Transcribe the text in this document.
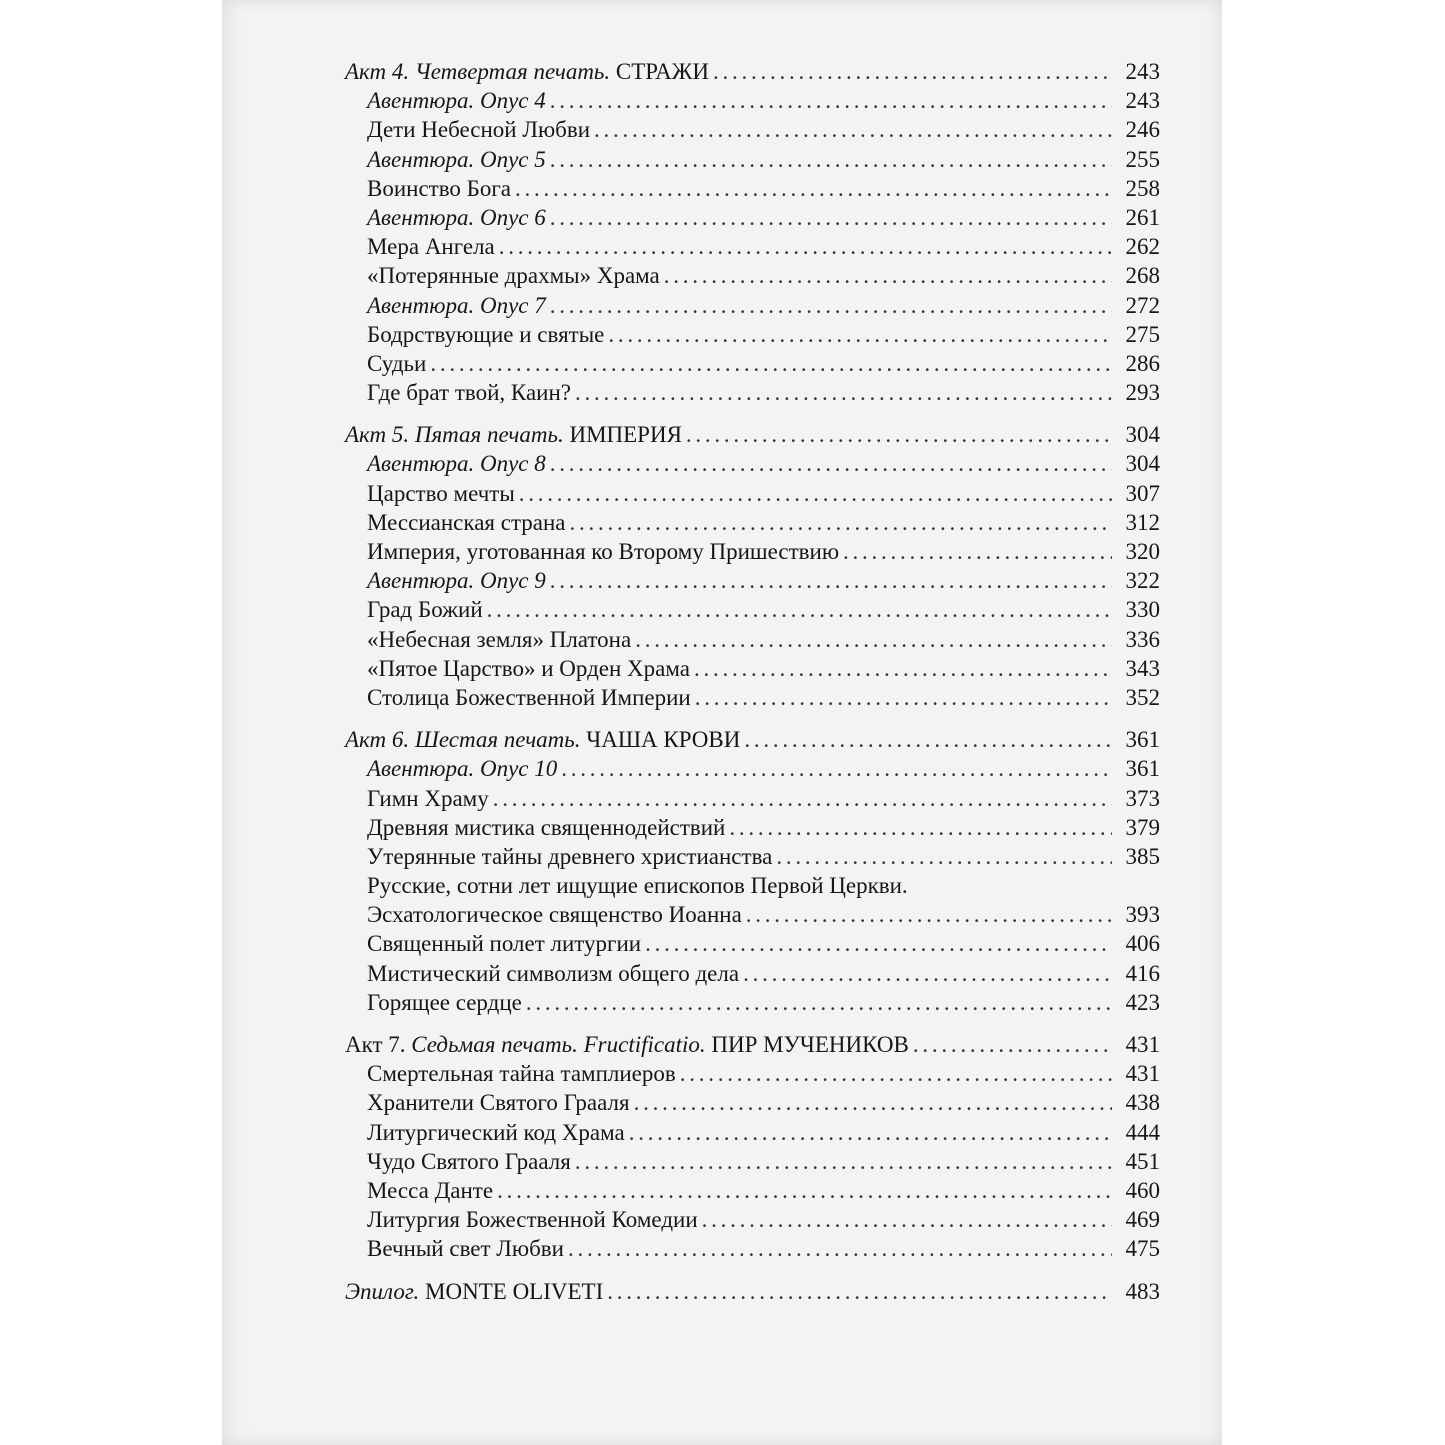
Акт 4. Четвертая печать. СТРАЖИ . . .	243
Авентюра. Опус 4 . . .	243
Дети Небесной Любви . . .	246
Авентюра. Опус 5 . . .	255
Воинство Бога . . .	258
Авентюра. Опус 6 . . .	261
Мера Ангела . . .	262
«Потерянные драхмы» Храма . . .	268
Авентюра. Опус 7 . . .	272
Бодрствующие и святые . . .	275
Судьи . . .	286
Где брат твой, Каин? . . .	293
Акт 5. Пятая печать. ИМПЕРИЯ . . .	304
Авентюра. Опус 8 . . .	304
Царство мечты . . .	307
Мессианская страна . . .	312
Империя, уготованная ко Второму Пришествию . . .	320
Авентюра. Опус 9 . . .	322
Град Божий . . .	330
«Небесная земля» Платона . . .	336
«Пятое Царство» и Орден Храма . . .	343
Столица Божественной Империи . . .	352
Акт 6. Шестая печать. ЧАША КРОВИ . . .	361
Авентюра. Опус 10 . . .	361
Гимн Храму . . .	373
Древняя мистика священнодействий . . .	379
Утерянные тайны древнего христианства . . .	385
Русские, сотни лет ищущие епископов Первой Церкви.
Эсхатологическое священство Иоанна . . .	393
Священный полет литургии . . .	406
Мистический символизм общего дела . . .	416
Горящее сердце . . .	423
Акт 7. Седьмая печать. Fructificatio. ПИР МУЧЕНИКОВ . . .	431
Смертельная тайна тамплиеров . . .	431
Хранители Святого Грааля . . .	438
Литургический код Храма . . .	444
Чудо Святого Грааля . . .	451
Месса Данте . . .	460
Литургия Божественной Комедии . . .	469
Вечный свет Любви . . .	475
Эпилог. MONTE OLIVETI . . .	483
